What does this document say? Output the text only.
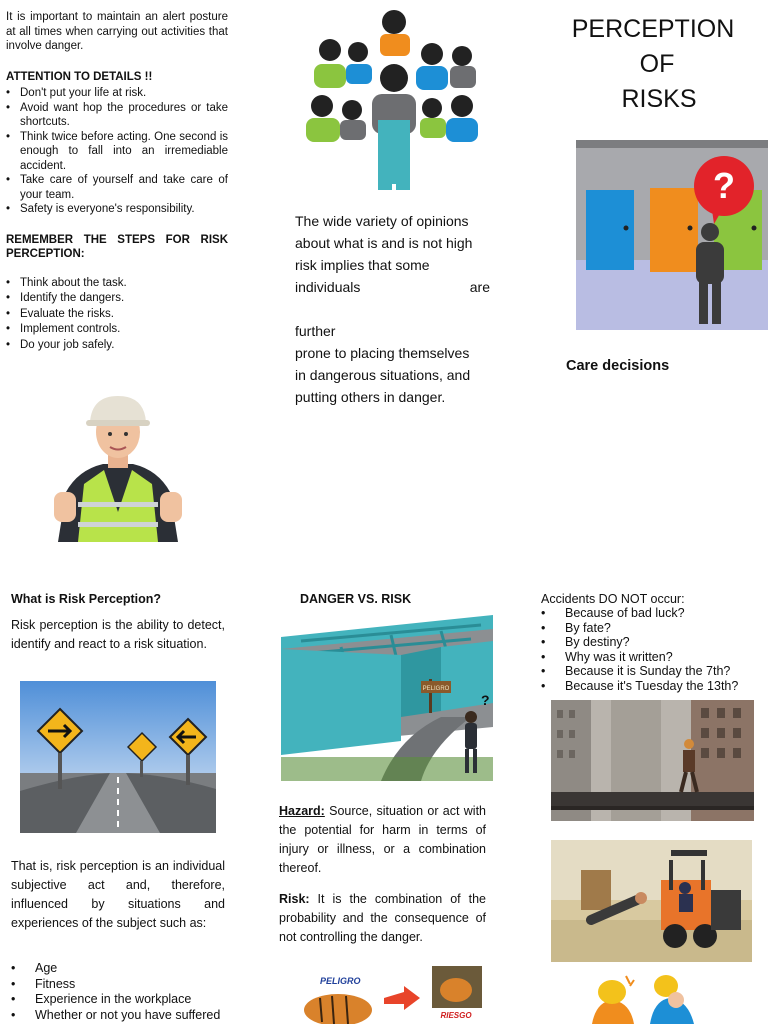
It is important to maintain an alert posture at all times when carrying out activities that involve danger.

ATTENTION TO DETAILS !!

• Don't put your life at risk.
• Avoid want hop the procedures or take shortcuts.
• Think twice before acting. One second is enough to fall into an irremediable accident.
• Take care of yourself and take care of your team.
• Safety is everyone's responsibility.

REMEMBER THE STEPS FOR RISK PERCEPTION:

• Think about the task.
• Identify the dangers.
• Evaluate the risks.
• Implement controls.
• Do your job safely.

The wide variety of opinions

about what is and is not high

risk implies that some

individuals are

further

prone to placing themselves

in dangerous situations, and

putting others in danger.

PERCEPTION
OF
RISKS
?
Care decisions
What is Risk Perception?

Risk perception is the ability to detect, identify and react to a risk situation.

That is, risk perception is an individual subjective act and, therefore, influenced by situations and experiences of the subject such as:

• Age
• Fitness
• Experience in the workplace
• Whether or not you have suffered
DANGER VS. RISK
PELIGRO
?

Hazard: Source, situation or act with the potential for harm in terms of injury or illness, or a combination thereof.

Risk: It is the combination of the probability and the consequence of not controlling the danger.

PELIGRO
RIESGO
Accidents DO NOT occur:
• Because of bad luck?
• By fate?
• By destiny?
• Why was it written?
• Because it is Sunday the 7th?
• Because it's Tuesday the 13th?
